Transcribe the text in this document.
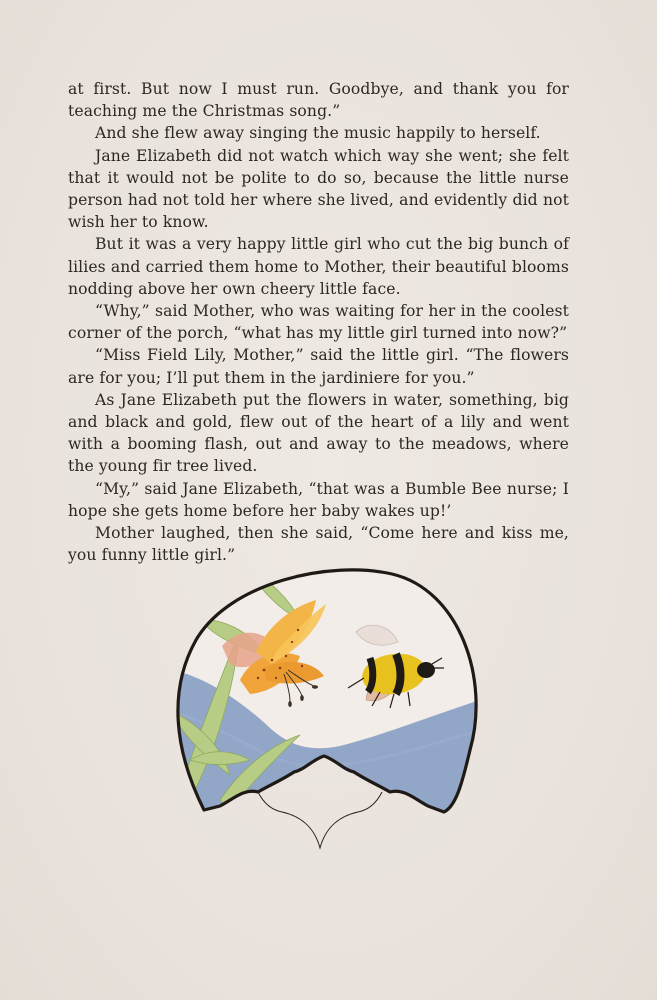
at first. But now I must run. Goodbye, and thank you for teaching me the Christmas song.”

And she flew away singing the music happily to herself.

Jane Elizabeth did not watch which way she went; she felt that it would not be polite to do so, because the little nurse person had not told her where she lived, and evidently did not wish her to know.

But it was a very happy little girl who cut the big bunch of lilies and carried them home to Mother, their beautiful blooms nodding above her own cheery little face.

“Why,” said Mother, who was waiting for her in the coolest corner of the porch, “what has my little girl turned into now?”

“Miss Field Lily, Mother,” said the little girl. “The flowers are for you; I’ll put them in the jardiniere for you.”

As Jane Elizabeth put the flowers in water, something, big and black and gold, flew out of the heart of a lily and went with a booming flash, out and away to the meadows, where the young fir tree lived.

“My,” said Jane Elizabeth, “that was a Bumble Bee nurse; I hope she gets home before her baby wakes up!’

Mother laughed, then she said, “Come here and kiss me, you funny little girl.”
